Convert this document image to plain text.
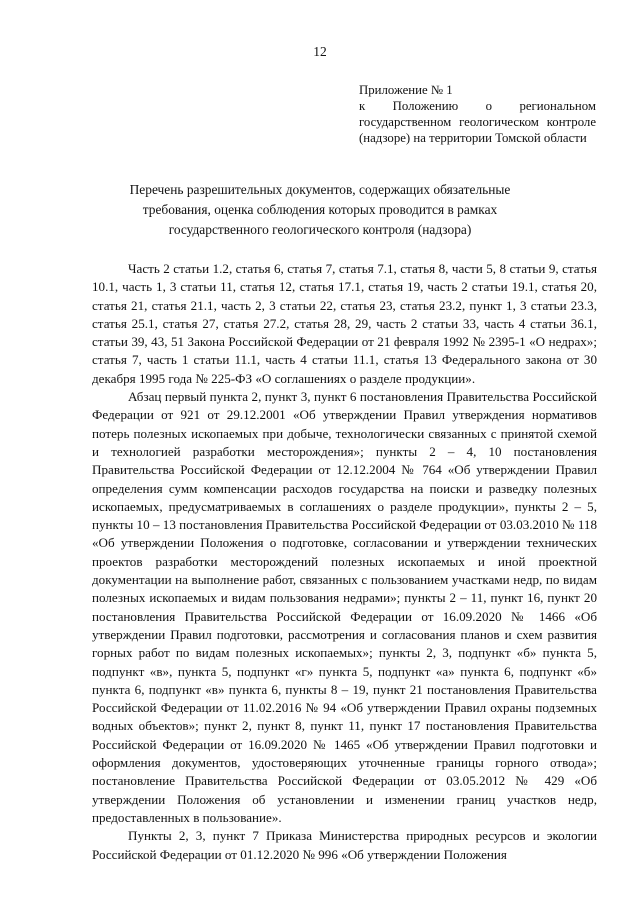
12
Приложение № 1
к Положению о региональном
государственном геологическом контроле
(надзоре) на территории Томской области
Перечень разрешительных документов, содержащих обязательные
требования, оценка соблюдения которых проводится в рамках
государственного геологического контроля (надзора)

Часть 2 статьи 1.2, статья 6, статья 7, статья 7.1, статья 8, части 5, 8 статьи 9, статья 10.1, часть 1, 3 статьи 11, статья 12, статья 17.1, статья 19, часть 2 статьи 19.1, статья 20, статья 21, статья 21.1, часть 2, 3 статьи 22, статья 23, статья 23.2, пункт 1, 3 статьи 23.3, статья 25.1, статья 27, статья 27.2, статья 28, 29, часть 2 статьи 33, часть 4 статьи 36.1, статьи 39, 43, 51 Закона Российской Федерации от 21 февраля 1992 № 2395-1 «О недрах»; статья 7, часть 1 статьи 11.1, часть 4 статьи 11.1, статья 13 Федерального закона от 30 декабря 1995 года № 225-ФЗ «О соглашениях о разделе продукции».

Абзац первый пункта 2, пункт 3, пункт 6 постановления Правительства Российской Федерации от 921 от 29.12.2001 «Об утверждении Правил утверждения нормативов потерь полезных ископаемых при добыче, технологически связанных с принятой схемой и технологией разработки месторождения»; пункты 2 – 4, 10 постановления Правительства Российской Федерации от 12.12.2004 № 764 «Об утверждении Правил определения сумм компенсации расходов государства на поиски и разведку полезных ископаемых, предусматриваемых в соглашениях о разделе продукции», пункты 2 – 5, пункты 10 – 13 постановления Правительства Российской Федерации от 03.03.2010 № 118 «Об утверждении Положения о подготовке, согласовании и утверждении технических проектов разработки месторождений полезных ископаемых и иной проектной документации на выполнение работ, связанных с пользованием участками недр, по видам полезных ископаемых и видам пользования недрами»; пункты 2 – 11, пункт 16, пункт 20 постановления Правительства Российской Федерации от 16.09.2020 № 1466 «Об утверждении Правил подготовки, рассмотрения и согласования планов и схем развития горных работ по видам полезных ископаемых»; пункты 2, 3, подпункт «б» пункта 5, подпункт «в», пункта 5, подпункт «г» пункта 5, подпункт «а» пункта 6, подпункт «б» пункта 6, подпункт «в» пункта 6, пункты 8 – 19, пункт 21 постановления Правительства Российской Федерации от 11.02.2016 № 94 «Об утверждении Правил охраны подземных водных объектов»; пункт 2, пункт 8, пункт 11, пункт 17 постановления Правительства Российской Федерации от 16.09.2020 № 1465 «Об утверждении Правил подготовки и оформления документов, удостоверяющих уточненные границы горного отвода»; постановление Правительства Российской Федерации от 03.05.2012 № 429 «Об утверждении Положения об установлении и изменении границ участков недр, предоставленных в пользование».

Пункты 2, 3, пункт 7 Приказа Министерства природных ресурсов и экологии Российской Федерации от 01.12.2020 № 996 «Об утверждении Положения
